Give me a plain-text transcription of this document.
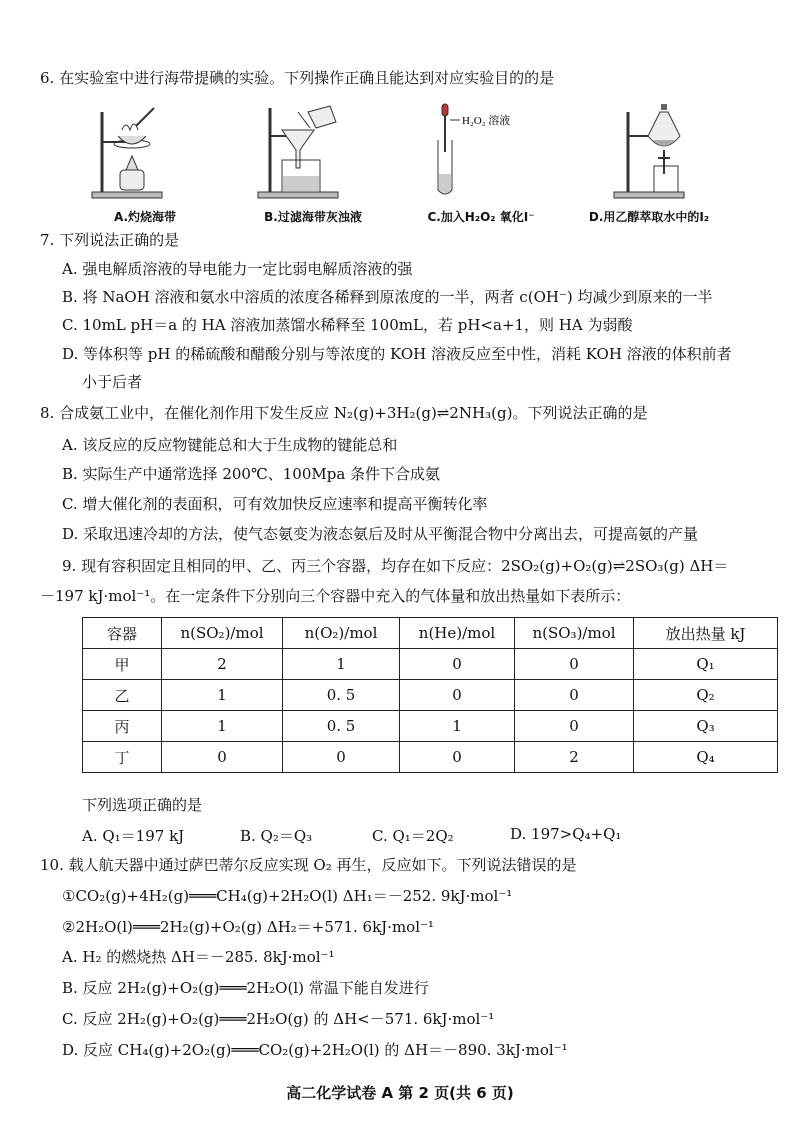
6. 在实验室中进行海带提碘的实验。下列操作正确且能达到对应实验目的的是
A.灼烧海带	B.过滤海带灰浊液
H₂O₂ 溶液
C.加入H₂O₂ 氧化I⁻	D.用乙醇萃取水中的I₂
7. 下列说法正确的是
A. 强电解质溶液的导电能力一定比弱电解质溶液的强
B. 将 NaOH 溶液和氨水中溶质的浓度各稀释到原浓度的一半，两者 c(OH⁻) 均减少到原来的一半
C. 10mL pH＝a 的 HA 溶液加蒸馏水稀释至 100mL，若 pH<a+1，则 HA 为弱酸
D. 等体积等 pH 的稀硫酸和醋酸分别与等浓度的 KOH 溶液反应至中性，消耗 KOH 溶液的体积前者
小于后者
8. 合成氨工业中，在催化剂作用下发生反应 N₂(g)+3H₂(g)⇌2NH₃(g)。下列说法正确的是
A. 该反应的反应物键能总和大于生成物的键能总和
B. 实际生产中通常选择 200℃、100Mpa 条件下合成氨
C. 增大催化剂的表面积，可有效加快反应速率和提高平衡转化率
D. 采取迅速冷却的方法，使气态氨变为液态氨后及时从平衡混合物中分离出去，可提高氨的产量
9. 现有容积固定且相同的甲、乙、丙三个容器，均存在如下反应：2SO₂(g)+O₂(g)⇌2SO₃(g) ΔH＝
－197 kJ·mol⁻¹。在一定条件下分别向三个容器中充入的气体量和放出热量如下表所示：
容器	n(SO₂)/mol	n(O₂)/mol	n(He)/mol	n(SO₃)/mol	放出热量 kJ
甲	2	1	0	0	Q₁
乙	1	0. 5	0	0	Q₂
丙	1	0. 5	1	0	Q₃
丁	0	0	0	2	Q₄
下列选项正确的是
A. Q₁＝197 kJ	B. Q₂＝Q₃	C. Q₁＝2Q₂	D. 197>Q₄+Q₁
10. 载人航天器中通过萨巴蒂尔反应实现 O₂ 再生，反应如下。下列说法错误的是
①CO₂(g)+4H₂(g)═══CH₄(g)+2H₂O(l) ΔH₁＝－252. 9kJ·mol⁻¹
②2H₂O(l)═══2H₂(g)+O₂(g) ΔH₂＝+571. 6kJ·mol⁻¹
A. H₂ 的燃烧热 ΔH＝－285. 8kJ·mol⁻¹
B. 反应 2H₂(g)+O₂(g)═══2H₂O(l) 常温下能自发进行
C. 反应 2H₂(g)+O₂(g)═══2H₂O(g) 的 ΔH<－571. 6kJ·mol⁻¹
D. 反应 CH₄(g)+2O₂(g)═══CO₂(g)+2H₂O(l) 的 ΔH＝－890. 3kJ·mol⁻¹
高二化学试卷 A 第 2 页(共 6 页)
